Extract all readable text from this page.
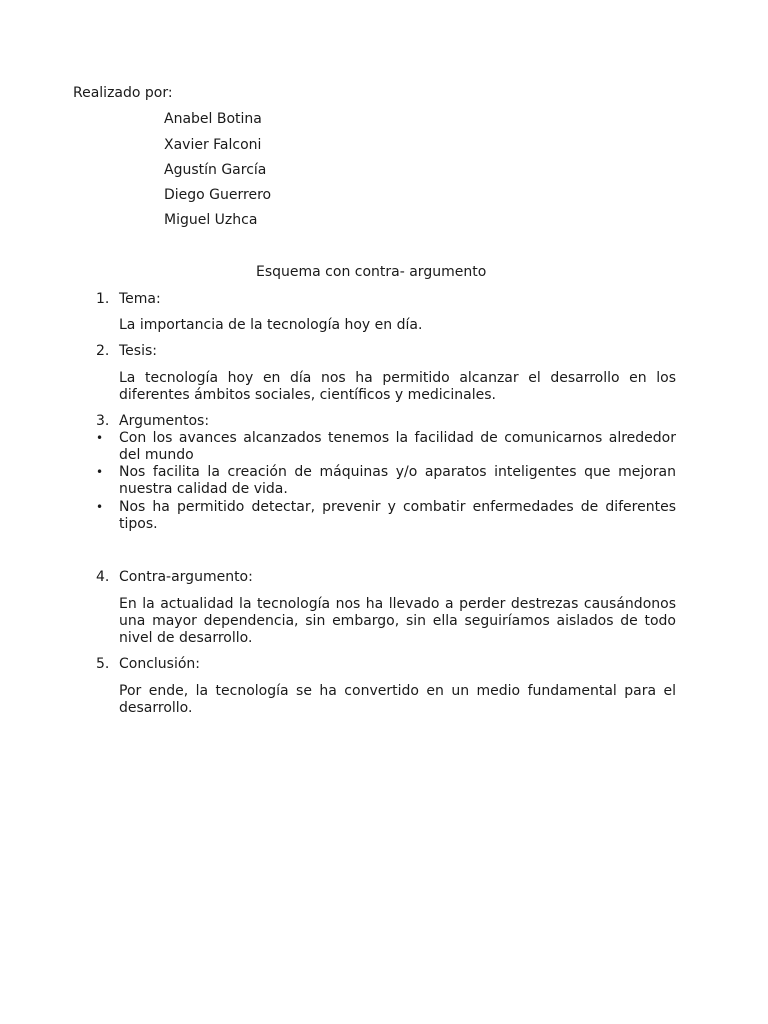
Realizado por:
Anabel Botina
Xavier Falconi
Agustín García
Diego Guerrero
Miguel Uzhca
Esquema con contra- argumento
1. Tema:
La importancia de la tecnología hoy en día.
2. Tesis:
La tecnología hoy en día nos ha permitido alcanzar el desarrollo en los diferentes ámbitos sociales, científicos y medicinales.
3. Argumentos:
• Con los avances alcanzados tenemos la facilidad de comunicarnos alrededor del mundo
• Nos facilita la creación de máquinas y/o aparatos inteligentes que mejoran nuestra calidad de vida.
• Nos ha permitido detectar, prevenir y combatir enfermedades de diferentes tipos.
4. Contra-argumento:
En la actualidad la tecnología nos ha llevado a perder destrezas causándonos una mayor dependencia, sin embargo, sin ella seguiríamos aislados de todo nivel de desarrollo.
5. Conclusión:
Por ende, la tecnología se ha convertido en un medio fundamental para el desarrollo.
